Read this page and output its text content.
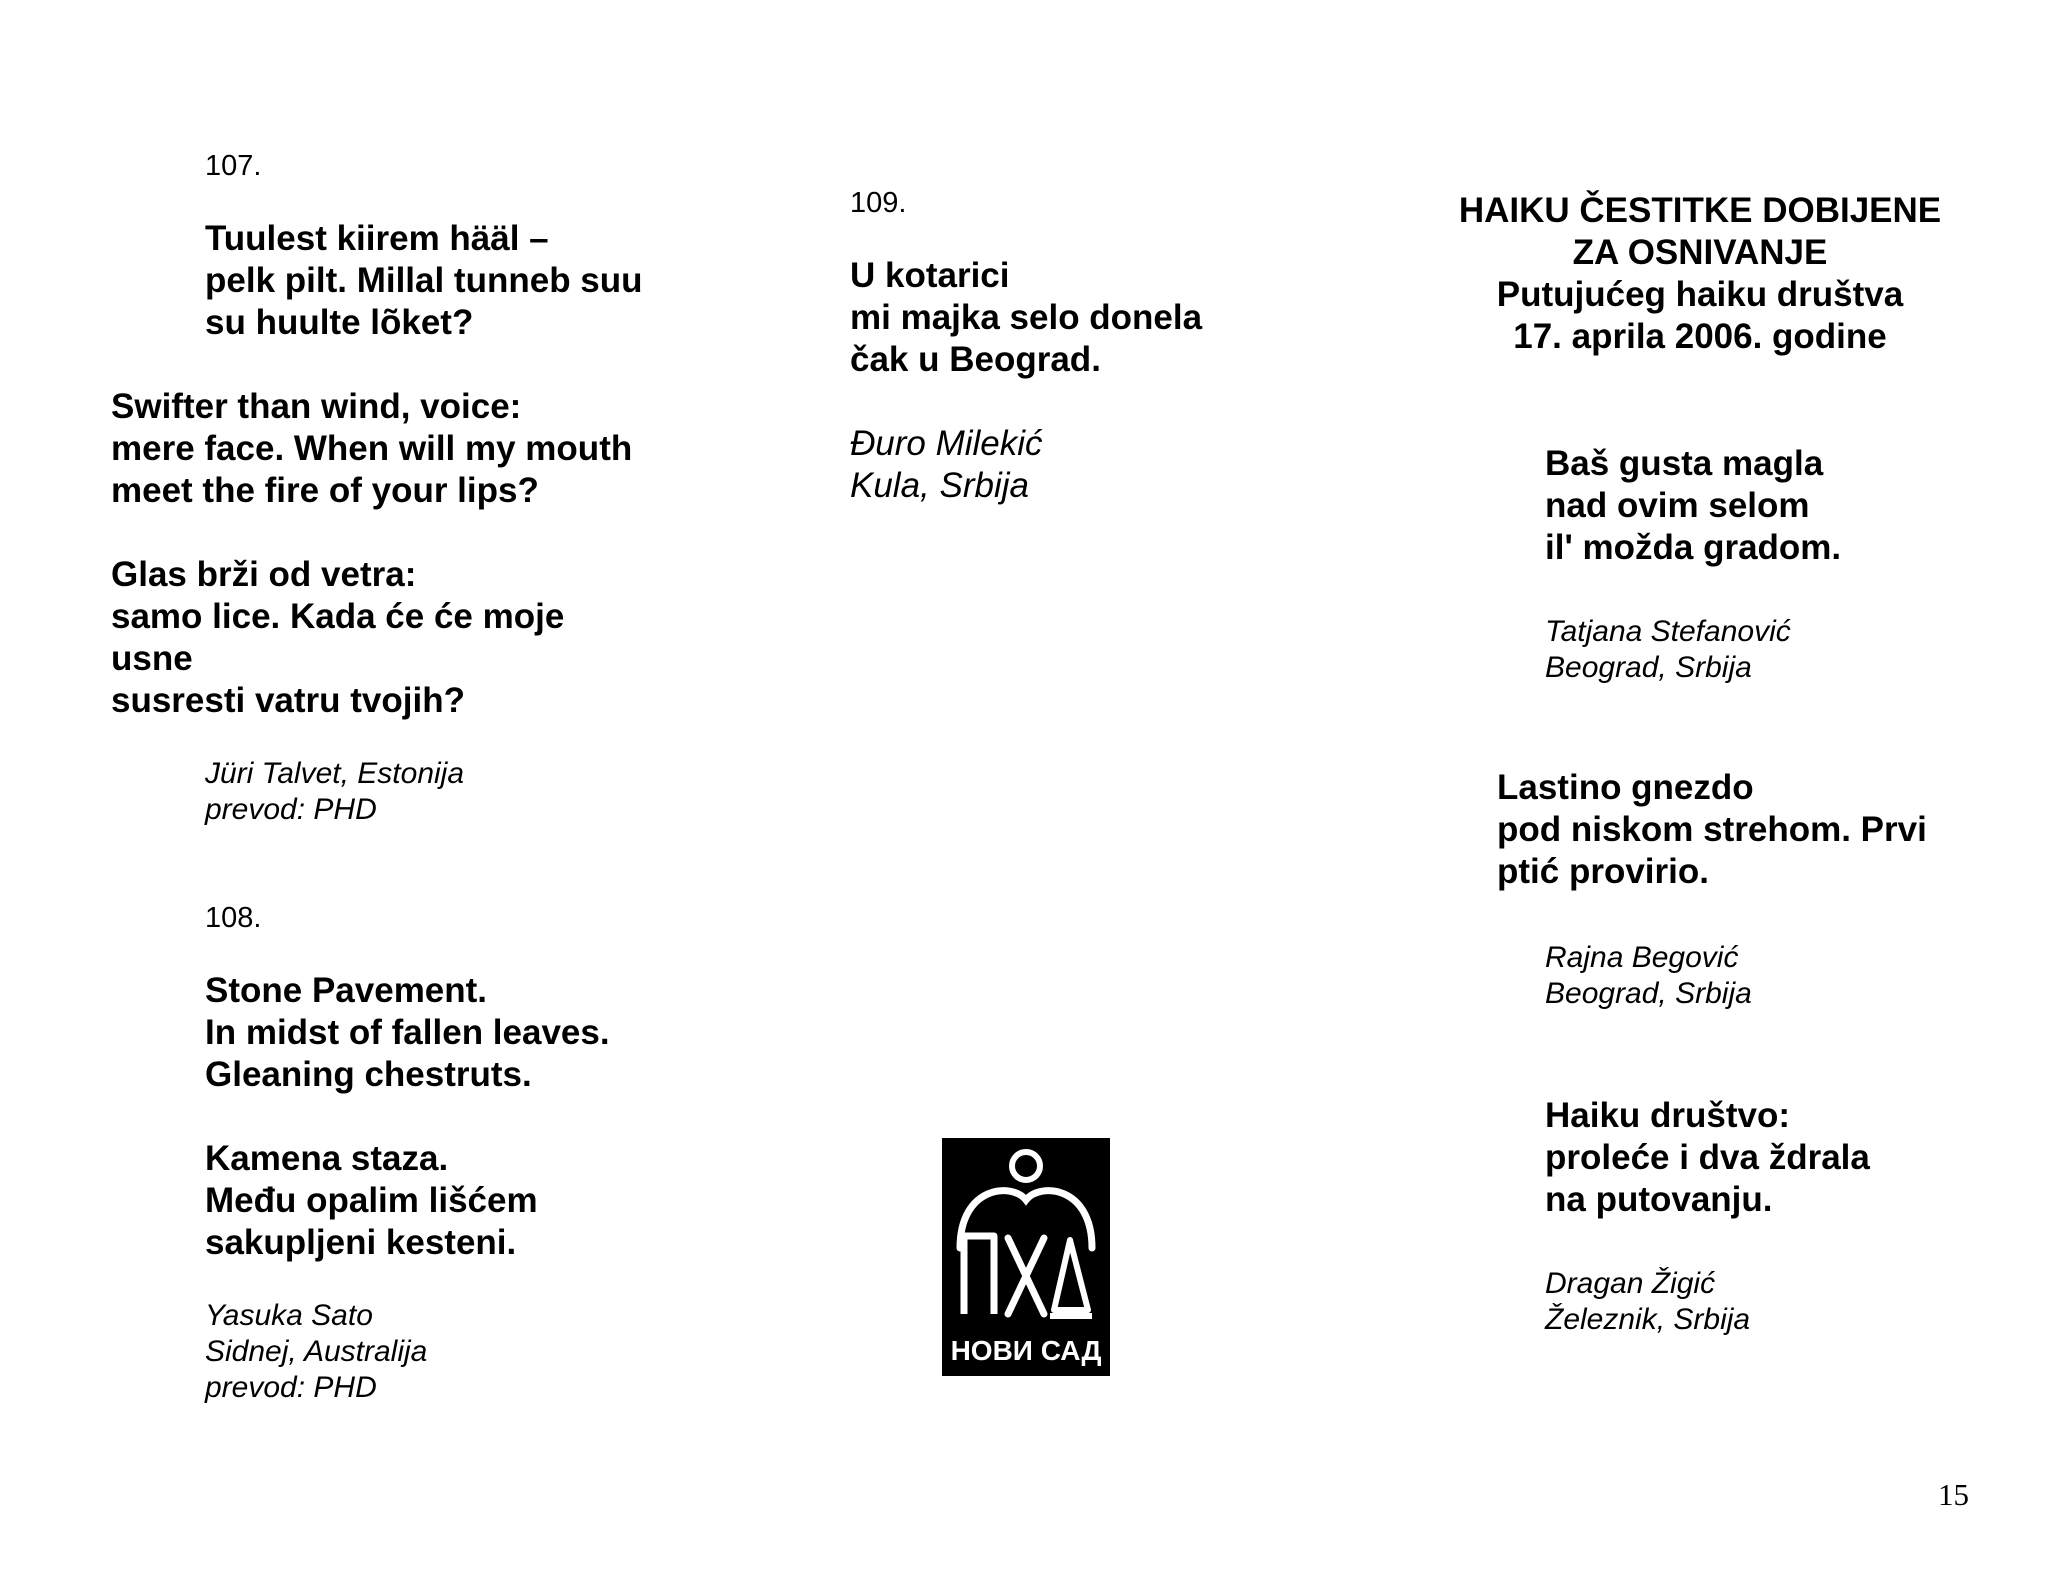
107.
Tuulest kiirem hääl –
pelk pilt. Millal tunneb suu
su huulte lõket?
Swifter than wind, voice:
mere face. When will my mouth
meet the fire of your lips?
Glas brži od vetra:
samo lice. Kada će će moje
usne
susresti vatru tvojih?
Jüri Talvet, Estonija
prevod: PHD
108.
Stone Pavement.
In midst of fallen leaves.
Gleaning chestruts.
Kamena staza.
Među opalim lišćem
sakupljeni kesteni.
Yasuka Sato
Sidnej, Australija
prevod: PHD
109.
U kotarici
mi majka selo donela
čak u Beograd.
Đuro Milekić
Kula, Srbija
НОВИ САД
HAIKU ČESTITKE DOBIJENE
ZA OSNIVANJE
Putujućeg haiku društva
17. aprila 2006. godine
Baš gusta magla
nad ovim selom
il' možda gradom.
Tatjana Stefanović
Beograd, Srbija
Lastino gnezdo
pod niskom strehom. Prvi
ptić provirio.
Rajna Begović
Beograd, Srbija
Haiku društvo:
proleće i dva ždrala
na putovanju.
Dragan Žigić
Železnik, Srbija
15
